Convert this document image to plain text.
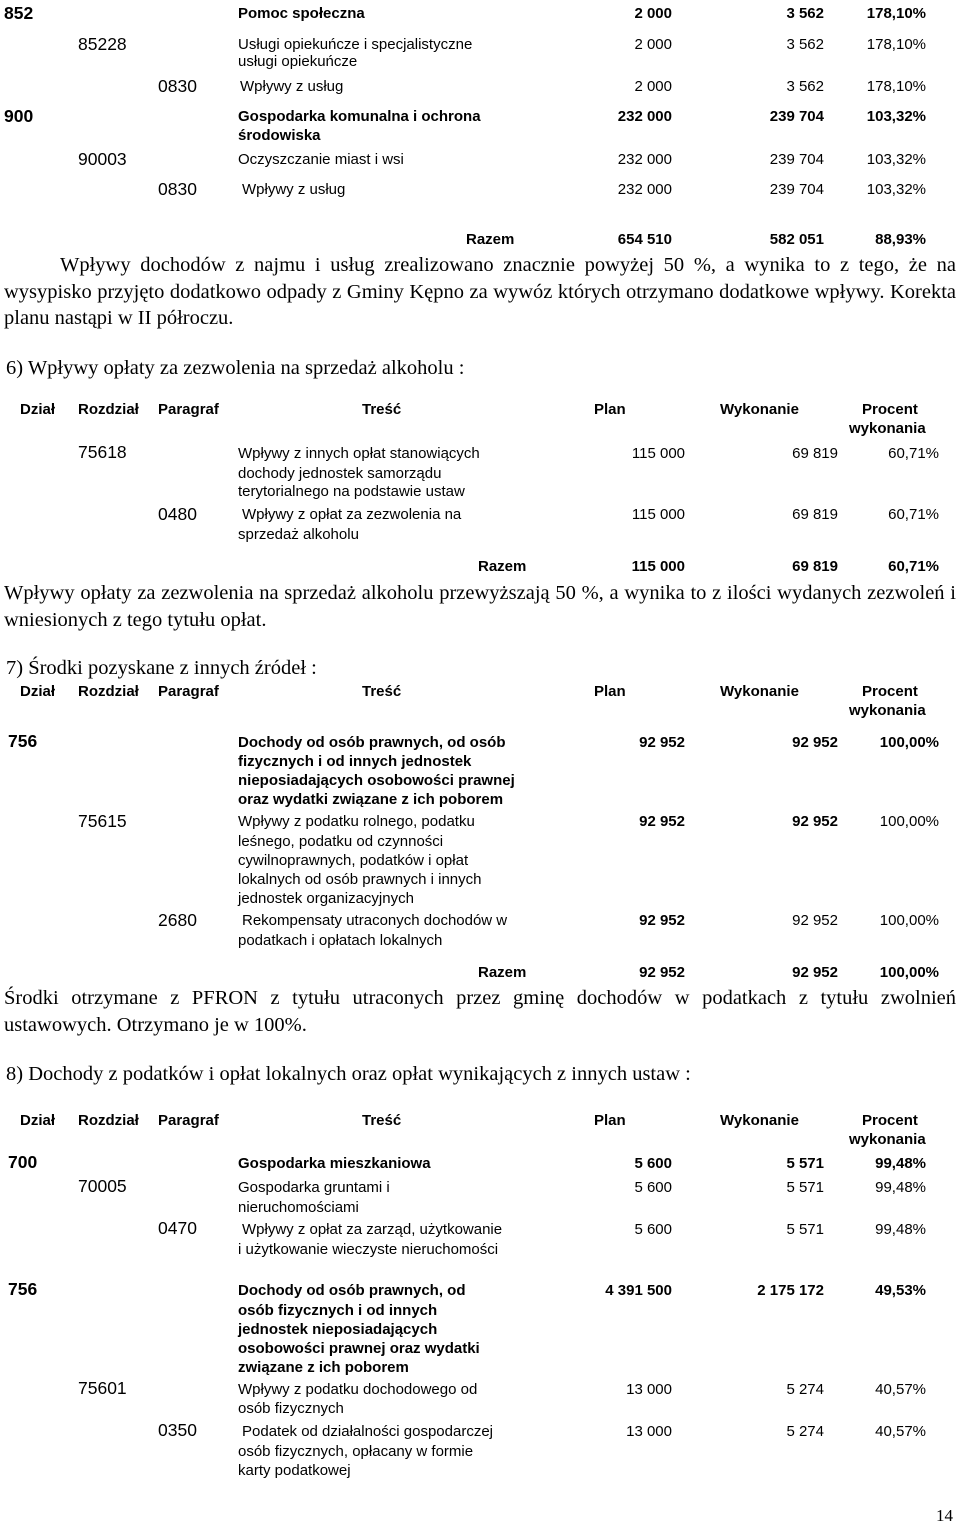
852	Pomoc społeczna	2 000	3 562	178,10%
85228	Usługi opiekuńcze i specjalistyczne
usługi opiekuńcze
2 000	3 562	178,10%
0830	Wpływy z usług	2 000	3 562	178,10%
900	Gospodarka komunalna i ochrona
środowiska
232 000	239 704	103,32%
90003	Oczyszczanie miast i wsi	232 000	239 704	103,32%
0830	Wpływy z usług	232 000	239 704	103,32%
Razem	654 510	582 051	88,93%

Wpływy dochodów z najmu i usług zrealizowano znacznie powyżej 50 %, a wynika to z tego, że na wysypisko przyjęto dodatkowo odpady z Gminy Kępno za wywóz których otrzymano dodatkowe wpływy. Korekta planu nastąpi w II półroczu.

6) Wpływy opłaty za zezwolenia na sprzedaż alkoholu :
Dział Rozdział Paragraf	Treść	Plan	Wykonanie	Procent
wykonania
75618	Wpływy z innych opłat stanowiących
dochody jednostek samorządu
terytorialnego na podstawie ustaw
115 000	69 819	60,71%
0480	Wpływy z opłat za zezwolenia na
sprzedaż alkoholu
115 000	69 819	60,71%
Razem	115 000	69 819	60,71%

Wpływy opłaty za zezwolenia na sprzedaż alkoholu przewyższają 50 %, a wynika to z ilości wydanych zezwoleń i wniesionych z tego tytułu opłat.

7) Środki pozyskane z innych źródeł :
Dział Rozdział Paragraf	Treść	Plan	Wykonanie	Procent
wykonania
756	Dochody od osób prawnych, od osób
fizycznych i od innych jednostek
nieposiadających osobowości prawnej
oraz wydatki związane z ich poborem
92 952	92 952	100,00%
75615	Wpływy z podatku rolnego, podatku
leśnego, podatku od czynności
cywilnoprawnych, podatków i opłat
lokalnych od osób prawnych i innych
jednostek organizacyjnych
92 952	92 952	100,00%
2680	Rekompensaty utraconych dochodów w
podatkach i opłatach lokalnych
92 952	92 952	100,00%
Razem	92 952	92 952	100,00%

Środki otrzymane z PFRON z tytułu utraconych przez gminę dochodów w podatkach z tytułu zwolnień ustawowych. Otrzymano je w 100%.

8) Dochody z podatków i opłat lokalnych oraz opłat wynikających z innych ustaw :
Dział Rozdział Paragraf	Treść	Plan	Wykonanie	Procent
wykonania
700	Gospodarka mieszkaniowa	5 600	5 571	99,48%
70005	Gospodarka gruntami i
nieruchomościami
5 600	5 571	99,48%
0470	Wpływy z opłat za zarząd, użytkowanie
i użytkowanie wieczyste nieruchomości
5 600	5 571	99,48%
756	Dochody od osób prawnych, od
osób fizycznych i od innych
jednostek nieposiadających
osobowości prawnej oraz wydatki
związane z ich poborem
4 391 500	2 175 172	49,53%
75601	Wpływy z podatku dochodowego od
osób fizycznych
13 000	5 274	40,57%
0350	Podatek od działalności gospodarczej
osób fizycznych, opłacany w formie
karty podatkowej
13 000	5 274	40,57%
14
